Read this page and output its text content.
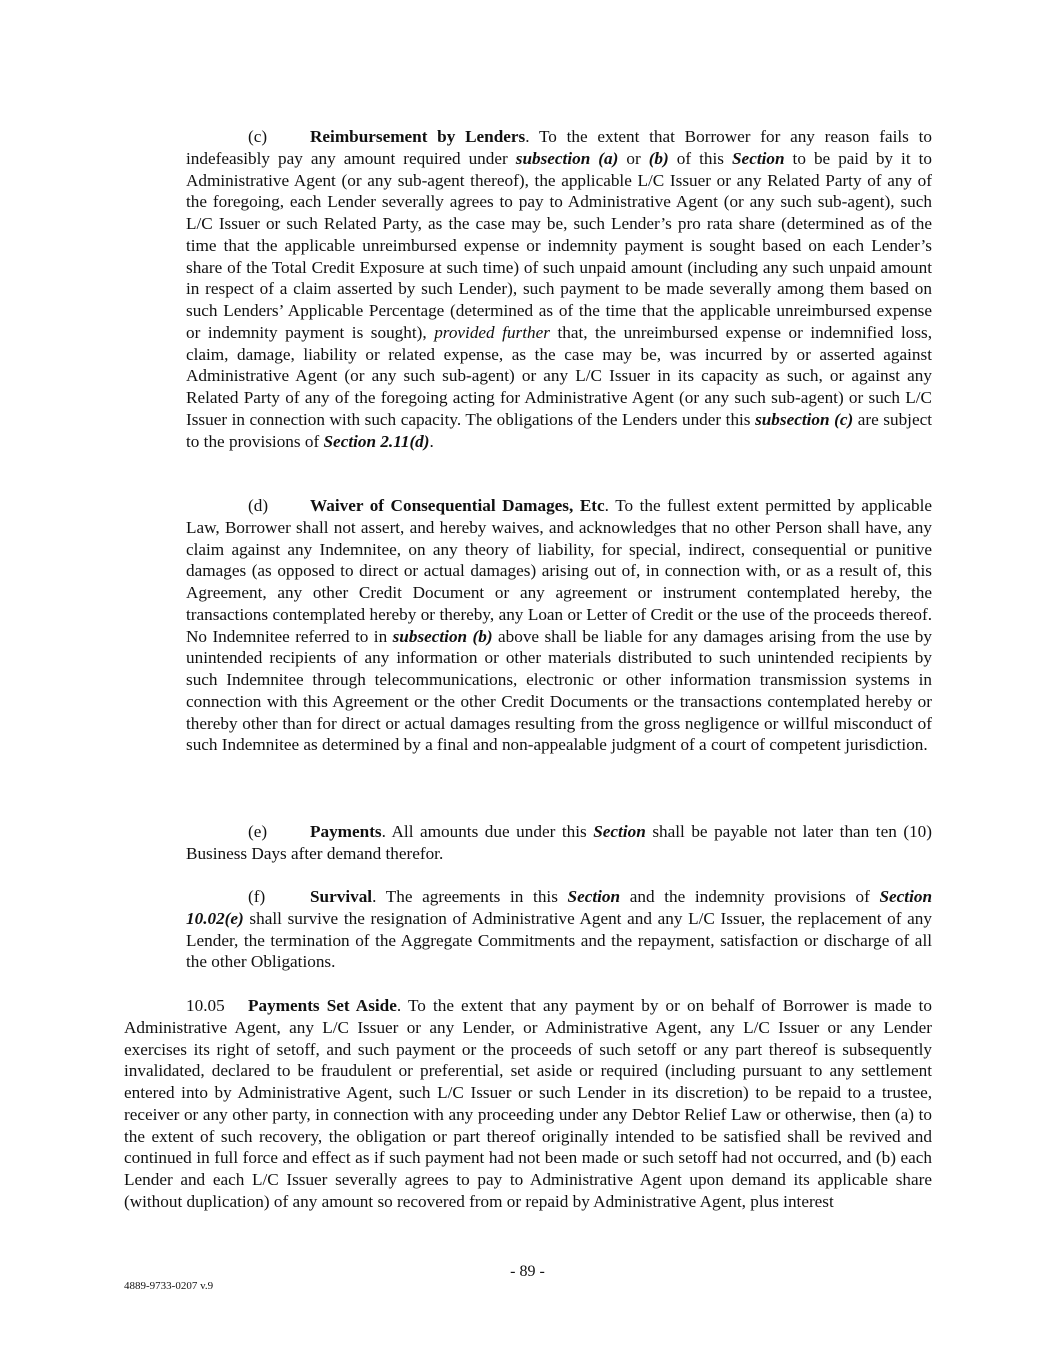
(c) Reimbursement by Lenders. To the extent that Borrower for any reason fails to indefeasibly pay any amount required under subsection (a) or (b) of this Section to be paid by it to Administrative Agent (or any sub-agent thereof), the applicable L/C Issuer or any Related Party of any of the foregoing, each Lender severally agrees to pay to Administrative Agent (or any such sub-agent), such L/C Issuer or such Related Party, as the case may be, such Lender’s pro rata share (determined as of the time that the applicable unreimbursed expense or indemnity payment is sought based on each Lender’s share of the Total Credit Exposure at such time) of such unpaid amount (including any such unpaid amount in respect of a claim asserted by such Lender), such payment to be made severally among them based on such Lenders’ Applicable Percentage (determined as of the time that the applicable unreimbursed expense or indemnity payment is sought), provided further that, the unreimbursed expense or indemnified loss, claim, damage, liability or related expense, as the case may be, was incurred by or asserted against Administrative Agent (or any such sub-agent) or any L/C Issuer in its capacity as such, or against any Related Party of any of the foregoing acting for Administrative Agent (or any such sub-agent) or such L/C Issuer in connection with such capacity. The obligations of the Lenders under this subsection (c) are subject to the provisions of Section 2.11(d).

(d) Waiver of Consequential Damages, Etc. To the fullest extent permitted by applicable Law, Borrower shall not assert, and hereby waives, and acknowledges that no other Person shall have, any claim against any Indemnitee, on any theory of liability, for special, indirect, consequential or punitive damages (as opposed to direct or actual damages) arising out of, in connection with, or as a result of, this Agreement, any other Credit Document or any agreement or instrument contemplated hereby, the transactions contemplated hereby or thereby, any Loan or Letter of Credit or the use of the proceeds thereof. No Indemnitee referred to in subsection (b) above shall be liable for any damages arising from the use by unintended recipients of any information or other materials distributed to such unintended recipients by such Indemnitee through telecommunications, electronic or other information transmission systems in connection with this Agreement or the other Credit Documents or the transactions contemplated hereby or thereby other than for direct or actual damages resulting from the gross negligence or willful misconduct of such Indemnitee as determined by a final and non-appealable judgment of a court of competent jurisdiction.

(e) Payments. All amounts due under this Section shall be payable not later than ten (10) Business Days after demand therefor.

(f)	Survival. The agreements in this Section and the indemnity provisions of Section 10.02(e) shall survive the resignation of Administrative Agent and any L/C Issuer, the replacement of any Lender, the termination of the Aggregate Commitments and the repayment, satisfaction or discharge of all the other Obligations.

10.05 Payments Set Aside. To the extent that any payment by or on behalf of Borrower is made to Administrative Agent, any L/C Issuer or any Lender, or Administrative Agent, any L/C Issuer or any Lender exercises its right of setoff, and such payment or the proceeds of such setoff or any part thereof is subsequently invalidated, declared to be fraudulent or preferential, set aside or required (including pursuant to any settlement entered into by Administrative Agent, such L/C Issuer or such Lender in its discretion) to be repaid to a trustee, receiver or any other party, in connection with any proceeding under any Debtor Relief Law or otherwise, then (a) to the extent of such recovery, the obligation or part thereof originally intended to be satisfied shall be revived and continued in full force and effect as if such payment had not been made or such setoff had not occurred, and (b) each Lender and each L/C Issuer severally agrees to pay to Administrative Agent upon demand its applicable share (without duplication) of any amount so recovered from or repaid by Administrative Agent, plus interest

- 89 -
4889-9733-0207 v.9
